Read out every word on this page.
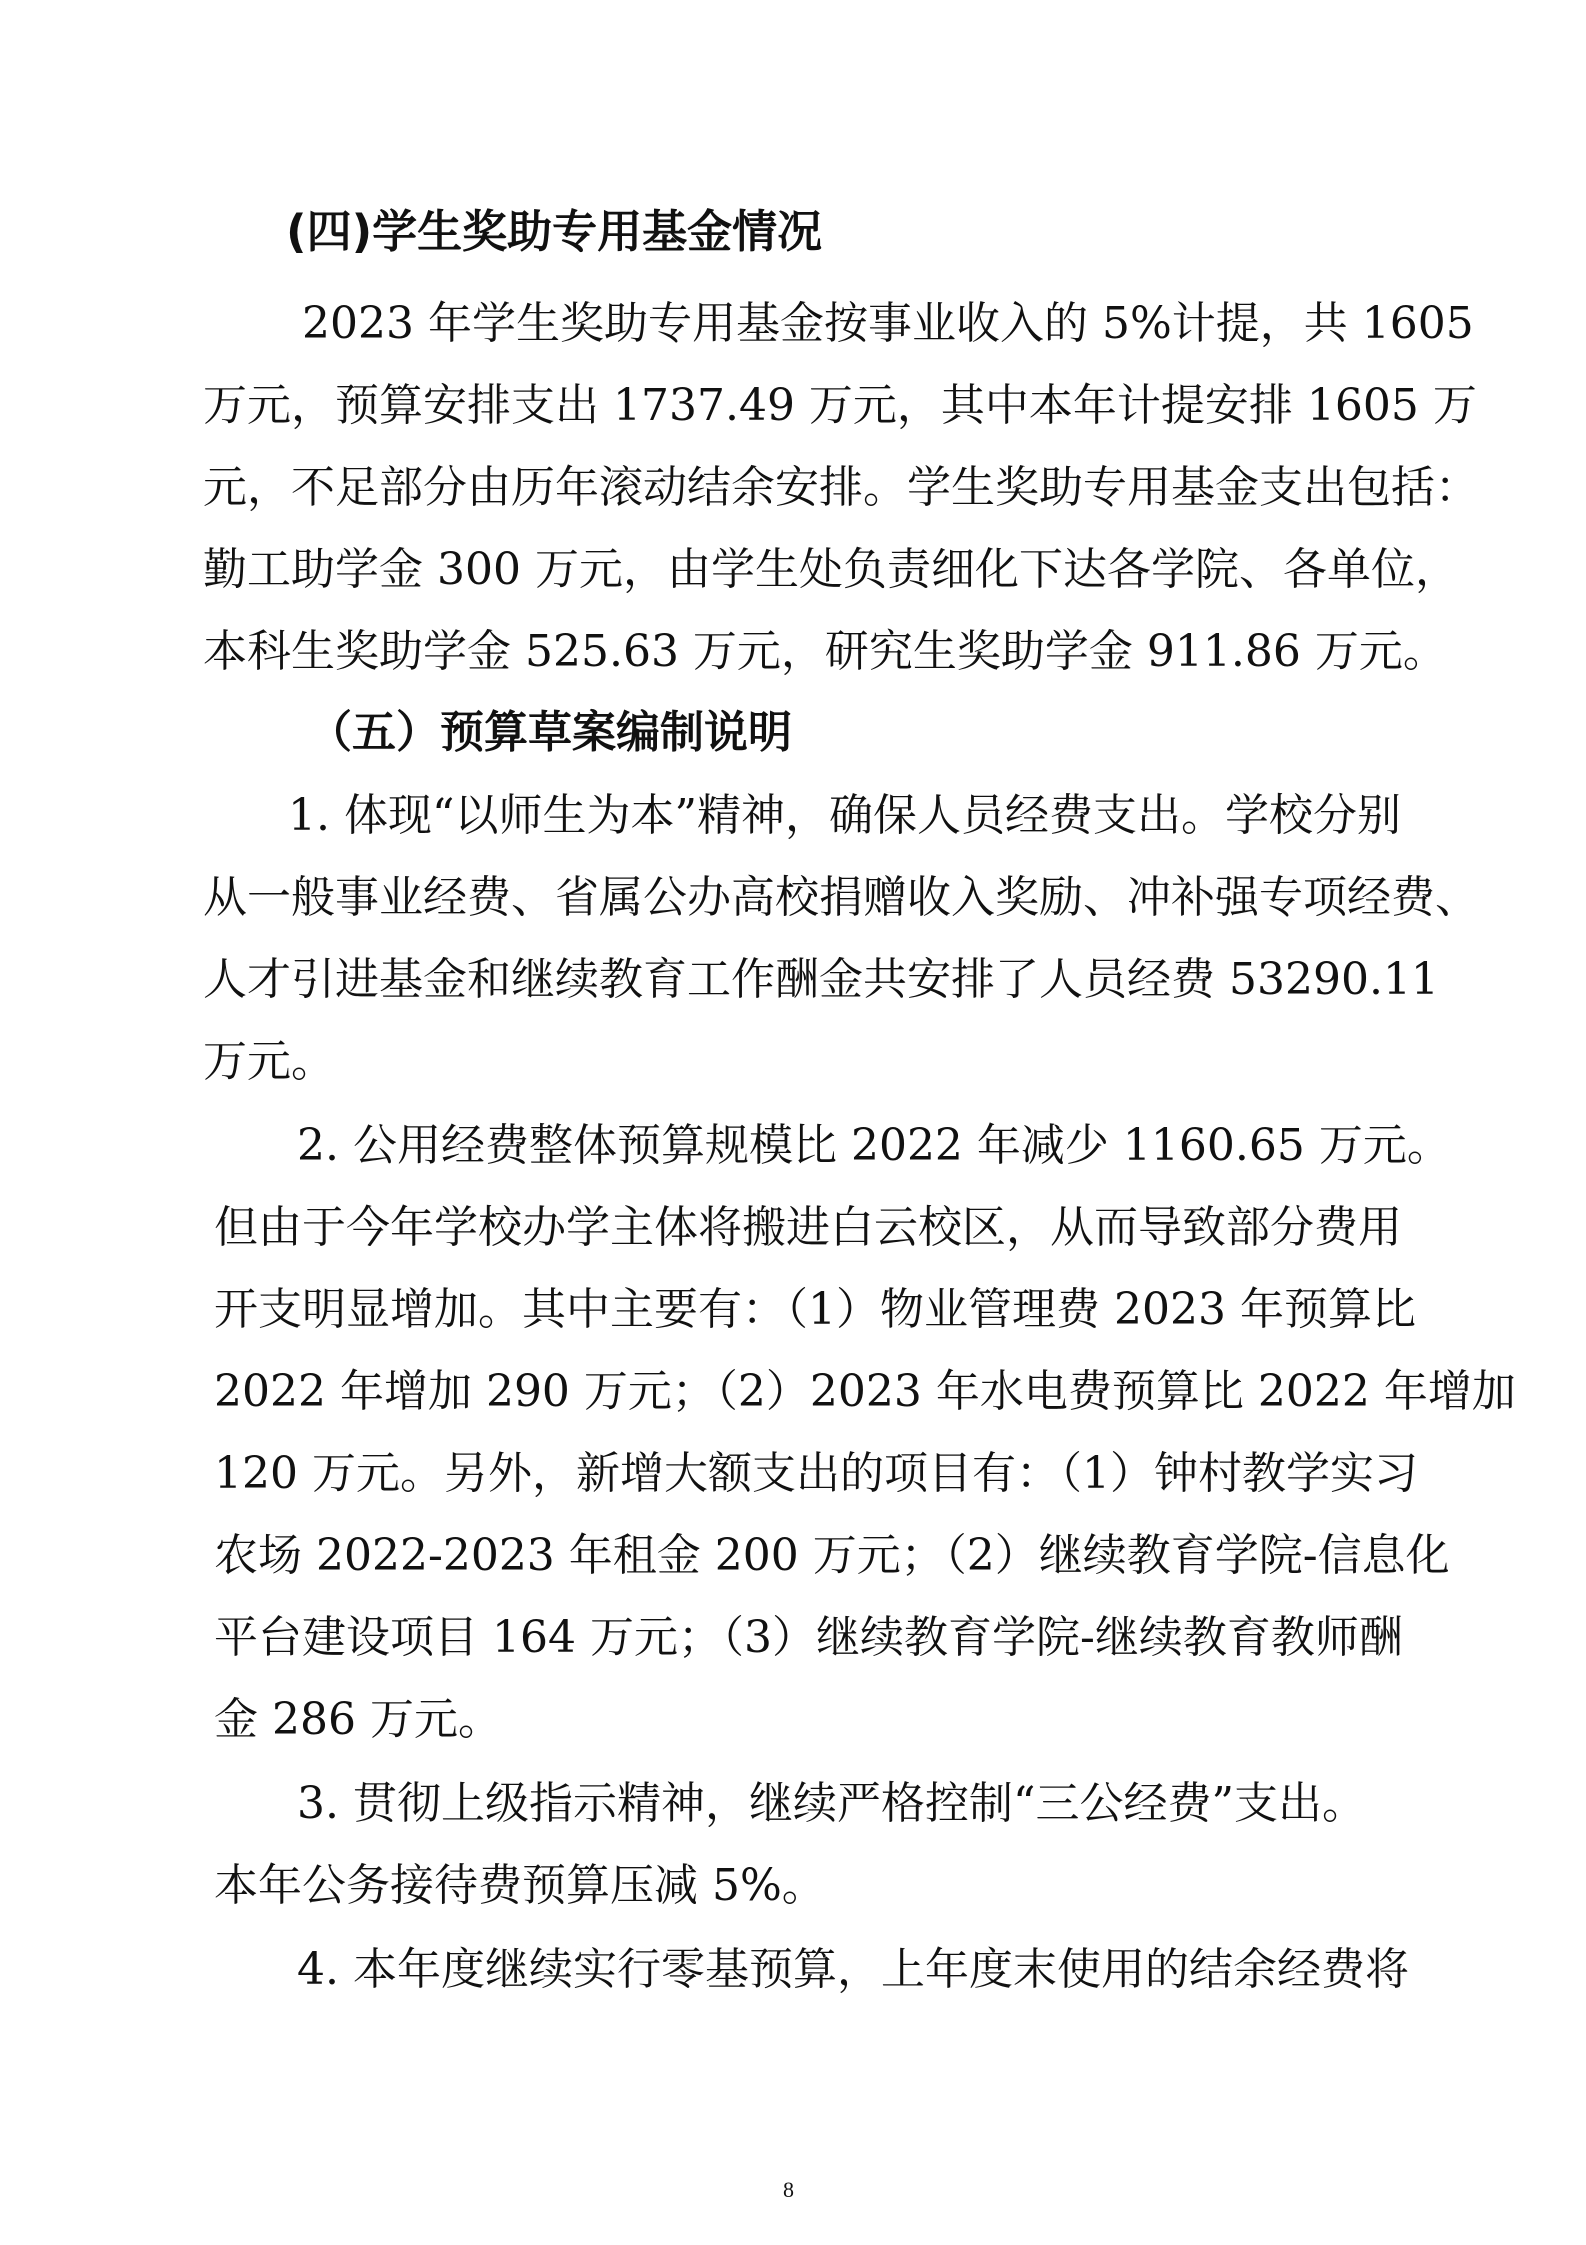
(四)学生奖助专用基金情况
2023 年学生奖助专用基金按事业收入的 5%计提，共 1605
万元，预算安排支出 1737.49 万元，其中本年计提安排 1605 万
元，不足部分由历年滚动结余安排。学生奖助专用基金支出包括：
勤工助学金 300 万元，由学生处负责细化下达各学院、各单位，
本科生奖助学金 525.63 万元，研究生奖助学金 911.86 万元。
（五）预算草案编制说明
1. 体现“以师生为本”精神，确保人员经费支出。学校分别
从一般事业经费、省属公办高校捐赠收入奖励、冲补强专项经费、
人才引进基金和继续教育工作酬金共安排了人员经费 53290.11
万元。
2. 公用经费整体预算规模比 2022 年减少 1160.65 万元。
但由于今年学校办学主体将搬进白云校区，从而导致部分费用
开支明显增加。其中主要有：（1）物业管理费 2023 年预算比
2022 年增加 290 万元；（2）2023 年水电费预算比 2022 年增加
120 万元。另外，新增大额支出的项目有：（1）钟村教学实习
农场 2022-2023 年租金 200 万元；（2）继续教育学院-信息化
平台建设项目 164 万元；（3）继续教育学院-继续教育教师酬
金 286 万元。
3. 贯彻上级指示精神，继续严格控制“三公经费”支出。
本年公务接待费预算压减 5%。
4. 本年度继续实行零基预算，上年度末使用的结余经费将
8
